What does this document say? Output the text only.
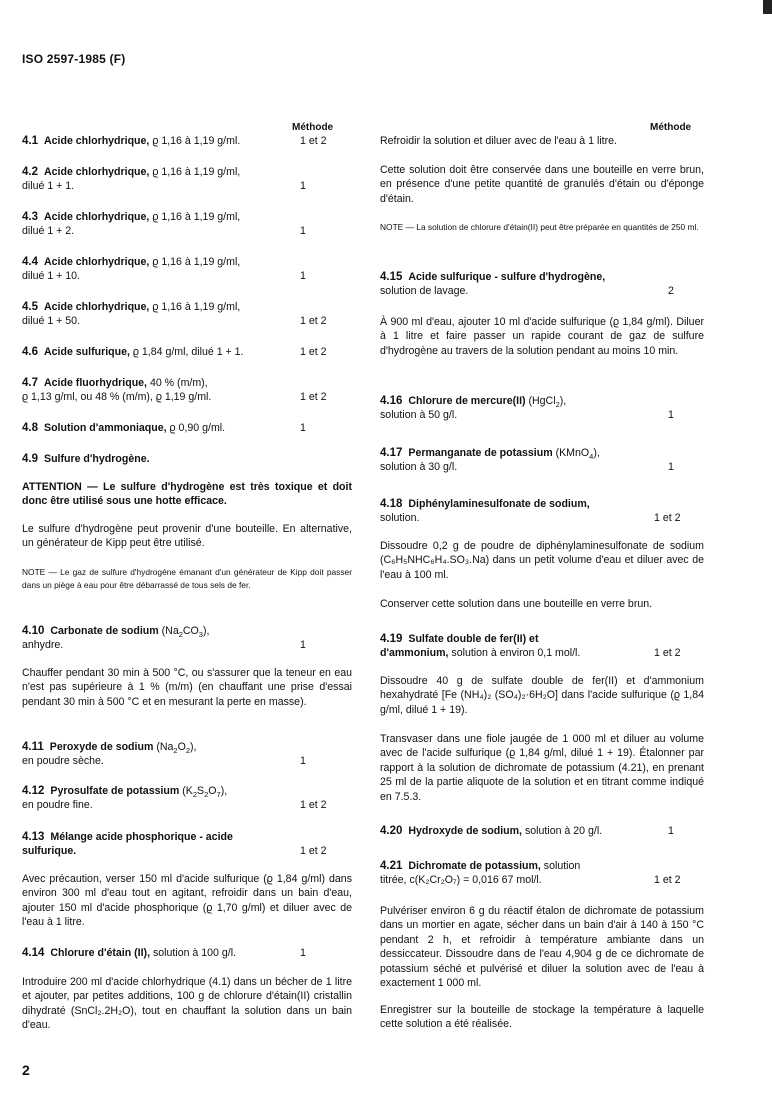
ISO 2597-1985 (F)
Méthode
4.1 Acide chlorhydrique, ϱ 1,16 à 1,19 g/ml.	1 et 2
4.2 Acide chlorhydrique, ϱ 1,16 à 1,19 g/ml,
dilué 1 + 1.	1
4.3 Acide chlorhydrique, ϱ 1,16 à 1,19 g/ml,
dilué 1 + 2.	1
4.4 Acide chlorhydrique, ϱ 1,16 à 1,19 g/ml,
dilué 1 + 10.	1
4.5 Acide chlorhydrique, ϱ 1,16 à 1,19 g/ml,
dilué 1 + 50.	1 et 2
4.6 Acide sulfurique, ϱ 1,84 g/ml, dilué 1 + 1.	1 et 2
4.7 Acide fluorhydrique, 40 % (m/m),
ϱ 1,13 g/ml, ou 48 % (m/m), ϱ 1,19 g/ml.	1 et 2
4.8 Solution d'ammoniaque, ϱ 0,90 g/ml.	1
4.9 Sulfure d'hydrogène.
ATTENTION — Le sulfure d'hydrogène est très toxique et doit donc être utilisé sous une hotte efficace.
Le sulfure d'hydrogène peut provenir d'une bouteille. En alternative, un générateur de Kipp peut être utilisé.
NOTE — Le gaz de sulfure d'hydrogène émanant d'un générateur de Kipp doit passer dans un piège à eau pour être débarrassé de tous sels de fer.
4.10 Carbonate de sodium $(Na_2CO_3)$,
anhydre.	1
Chauffer pendant 30 min à 500 °C, ou s'assurer que la teneur en eau n'est pas supérieure à 1 % (m/m) (en chauffant une prise d'essai pendant 30 min à 500 °C et en mesurant la perte en masse).
4.11 Peroxyde de sodium $(Na_2O_2)$,
en poudre sèche.	1
4.12 Pyrosulfate de potassium $(K_2S_2O_7)$,
en poudre fine.	1 et 2
4.13 Mélange acide phosphorique - acide
sulfurique.	1 et 2
Avec précaution, verser 150 ml d'acide sulfurique (ϱ 1,84 g/ml) dans environ 300 ml d'eau tout en agitant, refroidir dans un bain d'eau, ajouter 150 ml d'acide phosphorique (ϱ 1,70 g/ml) et diluer avec de l'eau à 1 litre.
4.14 Chlorure d'étain (II), solution à 100 g/l.	1
Introduire 200 ml d'acide chlorhydrique (4.1) dans un bécher de 1 litre et ajouter, par petites additions, 100 g de chlorure d'étain(II) cristallin dihydraté (SnCl₂.2H₂O), tout en chauffant la solution dans un bain d'eau.
Méthode
Refroidir la solution et diluer avec de l'eau à 1 litre.
Cette solution doit être conservée dans une bouteille en verre brun, en présence d'une petite quantité de granulés d'étain ou d'éponge d'étain.
NOTE — La solution de chlorure d'étain(II) peut être préparée en quantités de 250 ml.
4.15 Acide sulfurique - sulfure d'hydrogène,
solution de lavage.	2
À 900 ml d'eau, ajouter 10 ml d'acide sulfurique (ϱ 1,84 g/ml). Diluer à 1 litre et faire passer un rapide courant de gaz de sulfure d'hydrogène au travers de la solution pendant au moins 10 min.
4.16 Chlorure de mercure(II) (HgCl$_2$),
solution à 50 g/l.	1
4.17 Permanganate de potassium (KMnO$_4$),
solution à 30 g/l.	1
4.18 Diphénylaminesulfonate de sodium,
solution.	1 et 2
Dissoudre 0,2 g de poudre de diphénylaminesulfonate de sodium (C₆H₅NHC₆H₄.SO₃.Na) dans un petit volume d'eau et diluer avec de l'eau à 100 ml.
Conserver cette solution dans une bouteille en verre brun.
4.19 Sulfate double de fer(II) et
d'ammonium, solution à environ 0,1 mol/l.	1 et 2
Dissoudre 40 g de sulfate double de fer(II) et d'ammonium hexahydraté [Fe (NH₄)₂ (SO₄)₂·6H₂O] dans l'acide sulfurique (ϱ 1,84 g/ml, dilué 1 + 19).
Transvaser dans une fiole jaugée de 1 000 ml et diluer au volume avec de l'acide sulfurique (ϱ 1,84 g/ml, dilué 1 + 19). Étalonner par rapport à la solution de dichromate de potassium (4.21), en prenant 25 ml de la partie aliquote de la solution et en titrant comme indiqué en 7.5.3.
4.20 Hydroxyde de sodium, solution à 20 g/l.	1
4.21 Dichromate de potassium, solution
titrée, c(K₂Cr₂O₇) = 0,016 67 mol/l.	1 et 2
Pulvériser environ 6 g du réactif étalon de dichromate de potassium dans un mortier en agate, sécher dans un bain d'air à 140 à 150 °C pendant 2 h, et refroidir à température ambiante dans un dessiccateur. Dissoudre dans de l'eau 4,904 g de ce dichromate de potassium séché et pulvérisé et diluer la solution avec de l'eau à exactement 1 000 ml.
Enregistrer sur la bouteille de stockage la température à laquelle cette solution a été réalisée.
2
